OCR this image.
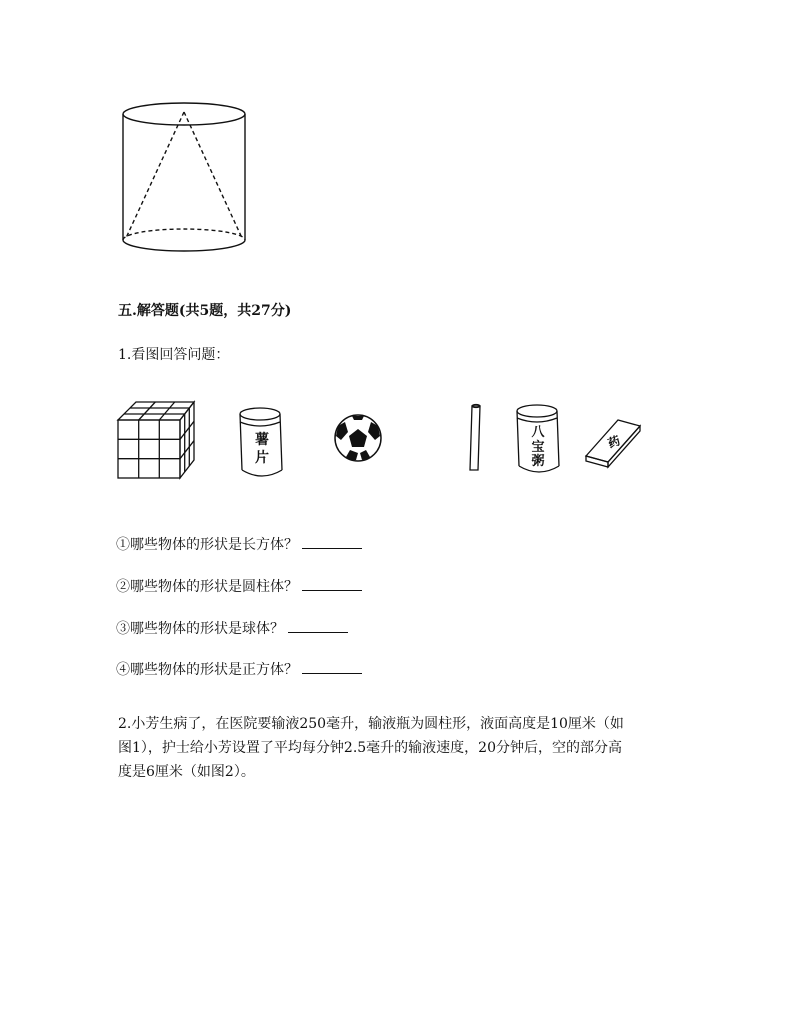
五.解答题(共5题，共27分)
1.看图回答问题：
薯
片
八
宝
粥
药
①哪些物体的形状是长方体？
②哪些物体的形状是圆柱体？
③哪些物体的形状是球体？
④哪些物体的形状是正方体？
2.小芳生病了，在医院要输液250毫升，输液瓶为圆柱形，液面高度是10厘米（如
图1），护士给小芳设置了平均每分钟2.5毫升的输液速度，20分钟后，空的部分高
度是6厘米（如图2）。
